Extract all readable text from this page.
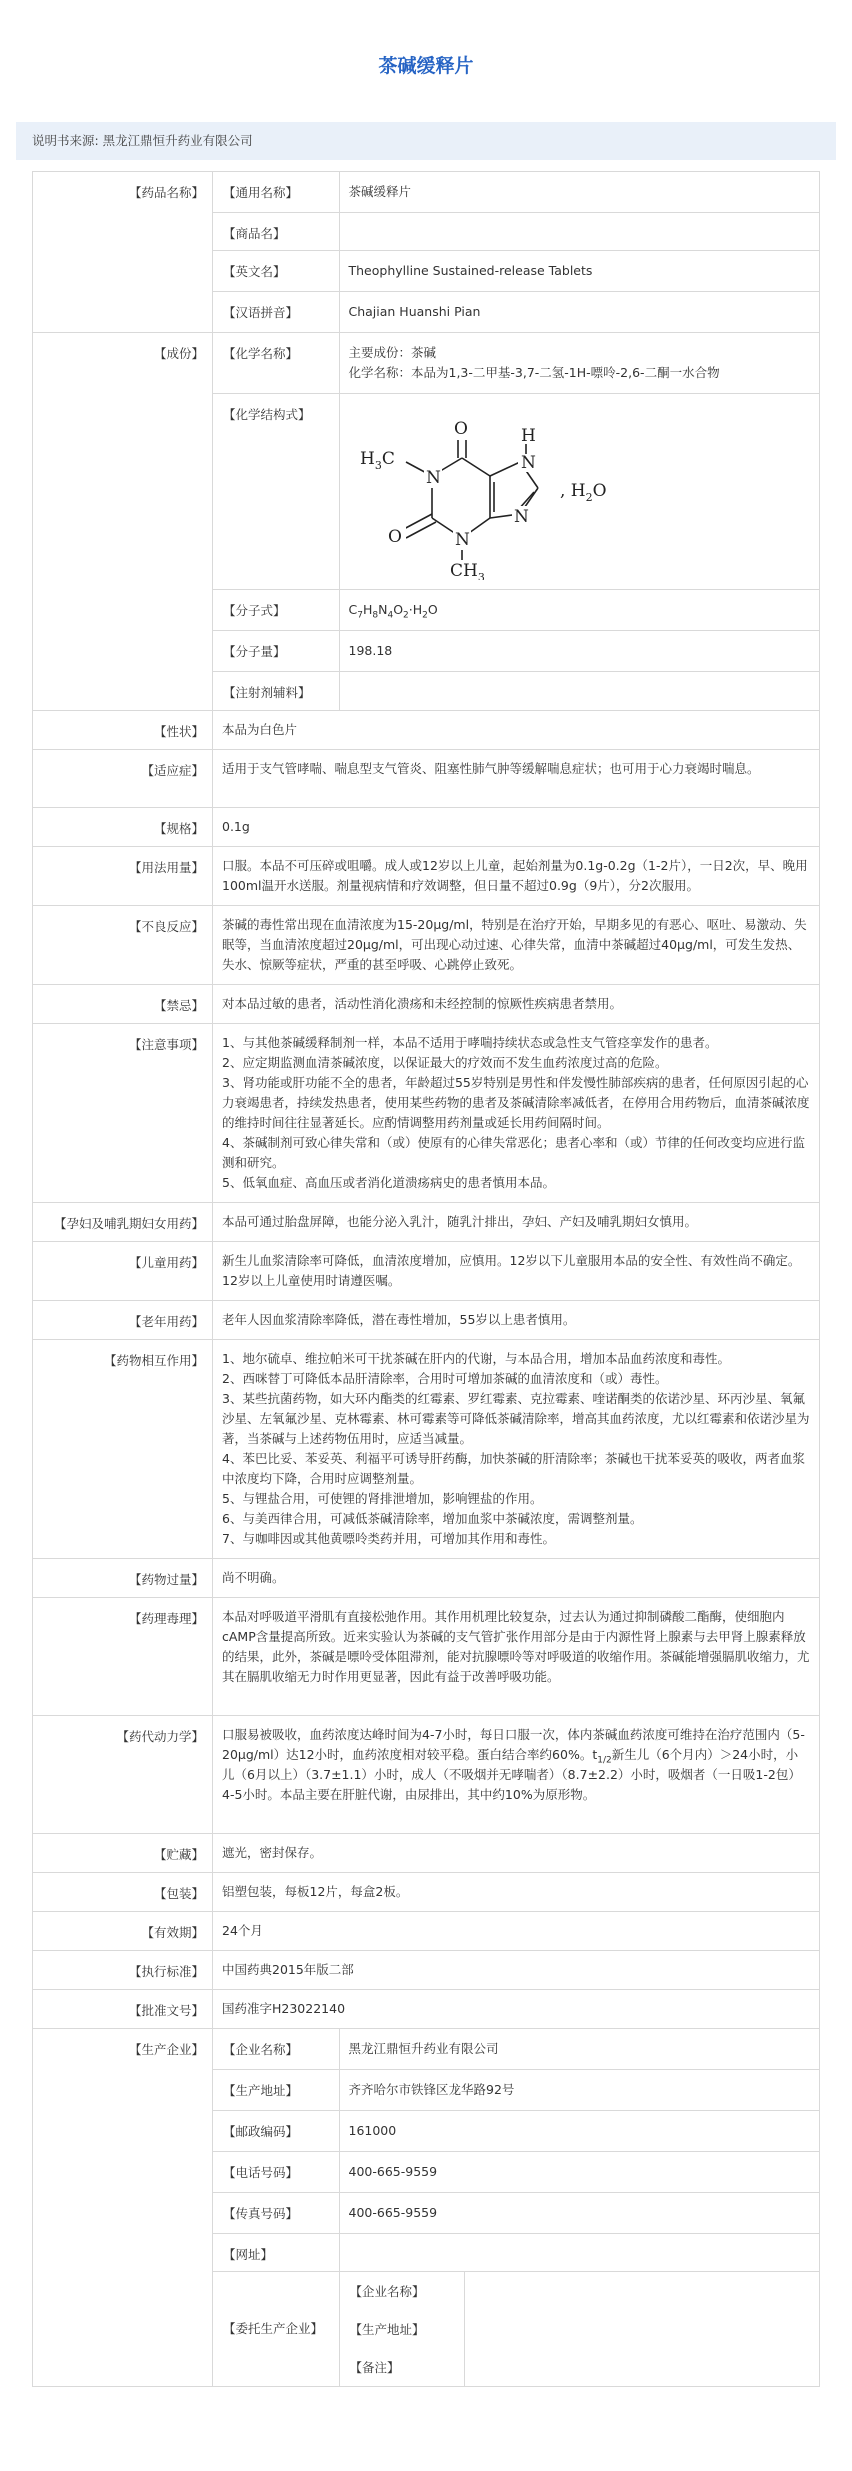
茶碱缓释片
说明书来源: 黑龙江鼎恒升药业有限公司
【药品名称】	【通用名称】	茶碱缓释片
【商品名】	
【英文名】	Theophylline Sustained-release Tablets
【汉语拼音】	Chajian Huanshi Pian

【成份】	【化学名称】	主要成份：茶碱
化学名称：本品为1,3-二甲基-3,7-二氢-1H-嘌呤-2,6-二酮一水合物

【化学结构式】	
O	H
N
N
N
N
O
$H_3C$
$CH_3$
, $H_2O$

【分子式】	$C_7H_8N_4O_2\cdot H_2O$
【分子量】	198.18
【注射剂辅料】	

【性状】	本品为白色片
【适应症】	适用于支气管哮喘、喘息型支气管炎、阻塞性肺气肿等缓解喘息症状；也可用于心力衰竭时喘息。
【规格】	0.1g
【用法用量】	口服。本品不可压碎或咀嚼。成人或12岁以上儿童，起始剂量为0.1g-0.2g（1-2片），一日2次，早、晚用100ml温开水送服。剂量视病情和疗效调整，但日量不超过0.9g（9片），分2次服用。
【不良反应】	茶碱的毒性常出现在血清浓度为15-20μg/ml，特别是在治疗开始，早期多见的有恶心、呕吐、易激动、失眠等，当血清浓度超过20μg/ml，可出现心动过速、心律失常，血清中茶碱超过40μg/ml，可发生发热、失水、惊厥等症状，严重的甚至呼吸、心跳停止致死。
【禁忌】	对本品过敏的患者，活动性消化溃疡和未经控制的惊厥性疾病患者禁用。
【注意事项】	1、与其他茶碱缓释制剂一样，本品不适用于哮喘持续状态或急性支气管痉挛发作的患者。
2、应定期监测血清茶碱浓度，以保证最大的疗效而不发生血药浓度过高的危险。
3、肾功能或肝功能不全的患者，年龄超过55岁特别是男性和伴发慢性肺部疾病的患者，任何原因引起的心力衰竭患者，持续发热患者，使用某些药物的患者及茶碱清除率减低者，在停用合用药物后，血清茶碱浓度的维持时间往往显著延长。应酌情调整用药剂量或延长用药间隔时间。
4、茶碱制剂可致心律失常和（或）使原有的心律失常恶化；患者心率和（或）节律的任何改变均应进行监测和研究。
5、低氧血症、高血压或者消化道溃疡病史的患者慎用本品。

【孕妇及哺乳期妇女用药】	本品可通过胎盘屏障，也能分泌入乳汁，随乳汁排出，孕妇、产妇及哺乳期妇女慎用。
【儿童用药】	新生儿血浆清除率可降低，血清浓度增加，应慎用。12岁以下儿童服用本品的安全性、有效性尚不确定。12岁以上儿童使用时请遵医嘱。
【老年用药】	老年人因血浆清除率降低，潜在毒性增加，55岁以上患者慎用。
【药物相互作用】	1、地尔硫卓、维拉帕米可干扰茶碱在肝内的代谢，与本品合用，增加本品血药浓度和毒性。
2、西咪替丁可降低本品肝清除率，合用时可增加茶碱的血清浓度和（或）毒性。
3、某些抗菌药物，如大环内酯类的红霉素、罗红霉素、克拉霉素、喹诺酮类的依诺沙星、环丙沙星、氧氟沙星、左氧氟沙星、克林霉素、林可霉素等可降低茶碱清除率，增高其血药浓度，尤以红霉素和依诺沙星为著，当茶碱与上述药物伍用时，应适当减量。
4、苯巴比妥、苯妥英、利福平可诱导肝药酶，加快茶碱的肝清除率；茶碱也干扰苯妥英的吸收，两者血浆中浓度均下降，合用时应调整剂量。
5、与锂盐合用，可使锂的肾排泄增加，影响锂盐的作用。
6、与美西律合用，可减低茶碱清除率，增加血浆中茶碱浓度，需调整剂量。
7、与咖啡因或其他黄嘌呤类药并用，可增加其作用和毒性。

【药物过量】	尚不明确。
【药理毒理】	本品对呼吸道平滑肌有直接松弛作用。其作用机理比较复杂，过去认为通过抑制磷酸二酯酶，使细胞内cAMP含量提高所致。近来实验认为茶碱的支气管扩张作用部分是由于内源性肾上腺素与去甲肾上腺素释放的结果，此外，茶碱是嘌呤受体阻滞剂，能对抗腺嘌呤等对呼吸道的收缩作用。茶碱能增强膈肌收缩力，尤其在膈肌收缩无力时作用更显著，因此有益于改善呼吸功能。
【药代动力学】	口服易被吸收，血药浓度达峰时间为4-7小时，每日口服一次，体内茶碱血药浓度可维持在治疗范围内（5-20μg/ml）达12小时，血药浓度相对较平稳。蛋白结合率约60%。$t_{1/2}$新生儿（6个月内）＞24小时，小儿（6月以上）（3.7±1.1）小时，成人（不吸烟并无哮喘者）（8.7±2.2）小时，吸烟者（一日吸1-2包）4-5小时。本品主要在肝脏代谢，由尿排出，其中约10%为原形物。
【贮藏】	遮光，密封保存。
【包装】	铝塑包装，每板12片，每盒2板。
【有效期】	24个月
【执行标准】	中国药典2015年版二部
【批准文号】	国药准字H23022140
【生产企业】	【企业名称】	黑龙江鼎恒升药业有限公司
【生产地址】	齐齐哈尔市铁锋区龙华路92号
【邮政编码】	161000
【电话号码】	400-665-9559
【传真号码】	400-665-9559
【网址】	
【委托生产企业】	
【企业名称】	
【生产地址】	
【备注】	
